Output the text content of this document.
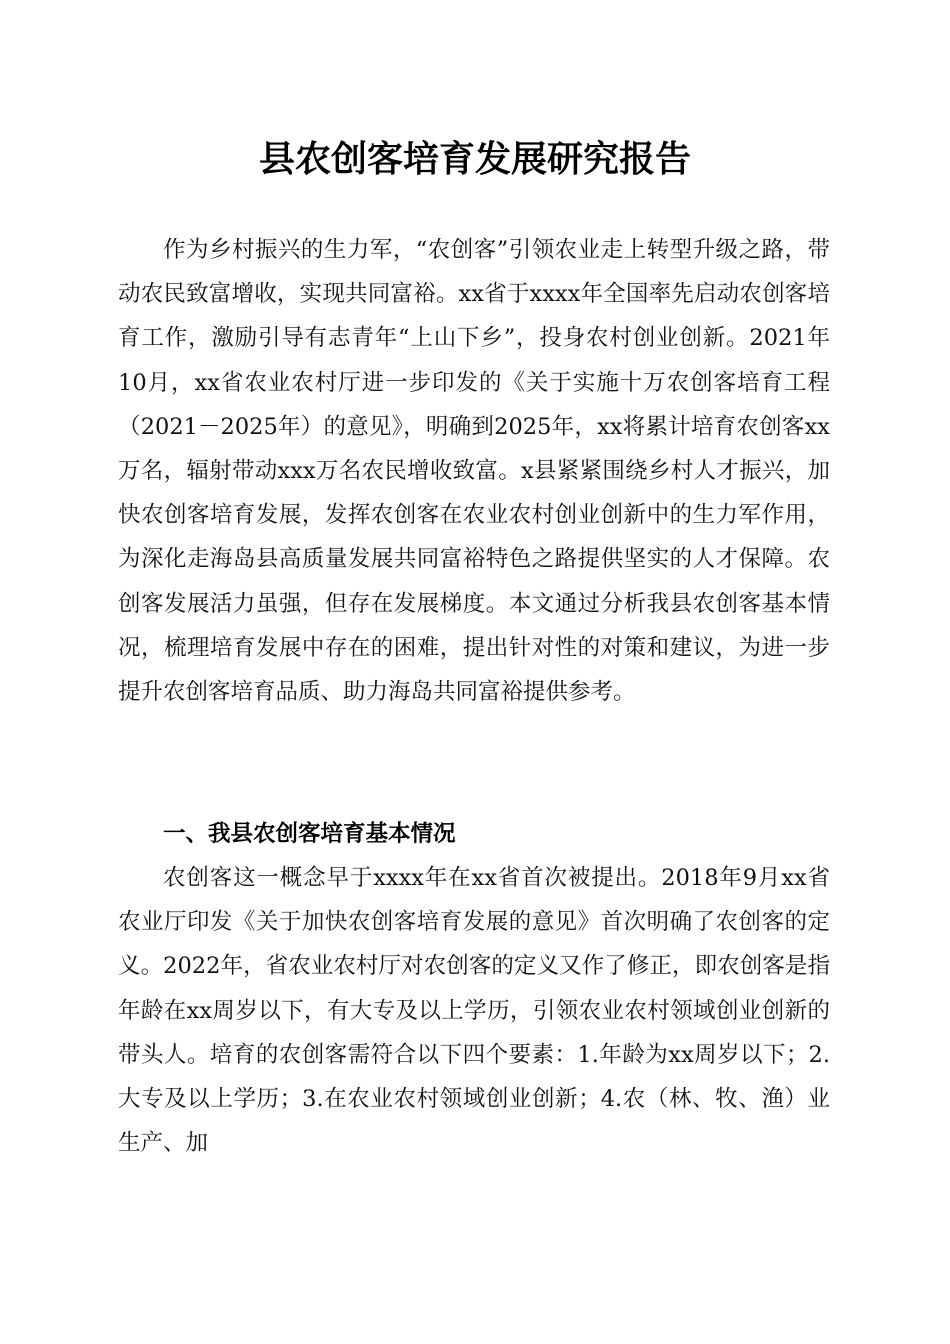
县农创客培育发展研究报告

作为乡村振兴的生力军，“农创客”引领农业走上转型升级之路，带动农民致富增收，实现共同富裕。xx省于xxxx年全国率先启动农创客培育工作，激励引导有志青年“上山下乡”，投身农村创业创新。2021年10月，xx省农业农村厅进一步印发的《关于实施十万农创客培育工程（2021－2025年）的意见》，明确到2025年，xx将累计培育农创客xx万名，辐射带动xxx万名农民增收致富。x县紧紧围绕乡村人才振兴，加快农创客培育发展，发挥农创客在农业农村创业创新中的生力军作用，为深化走海岛县高质量发展共同富裕特色之路提供坚实的人才保障。农创客发展活力虽强，但存在发展梯度。本文通过分析我县农创客基本情况，梳理培育发展中存在的困难，提出针对性的对策和建议，为进一步提升农创客培育品质、助力海岛共同富裕提供参考。

一、我县农创客培育基本情况

农创客这一概念早于xxxx年在xx省首次被提出。2018年9月xx省农业厅印发《关于加快农创客培育发展的意见》首次明确了农创客的定义。2022年，省农业农村厅对农创客的定义又作了修正，即农创客是指年龄在xx周岁以下，有大专及以上学历，引领农业农村领域创业创新的带头人。培育的农创客需符合以下四个要素：1.年龄为xx周岁以下；2.大专及以上学历；3.在农业农村领域创业创新；4.农（林、牧、渔）业生产、加
